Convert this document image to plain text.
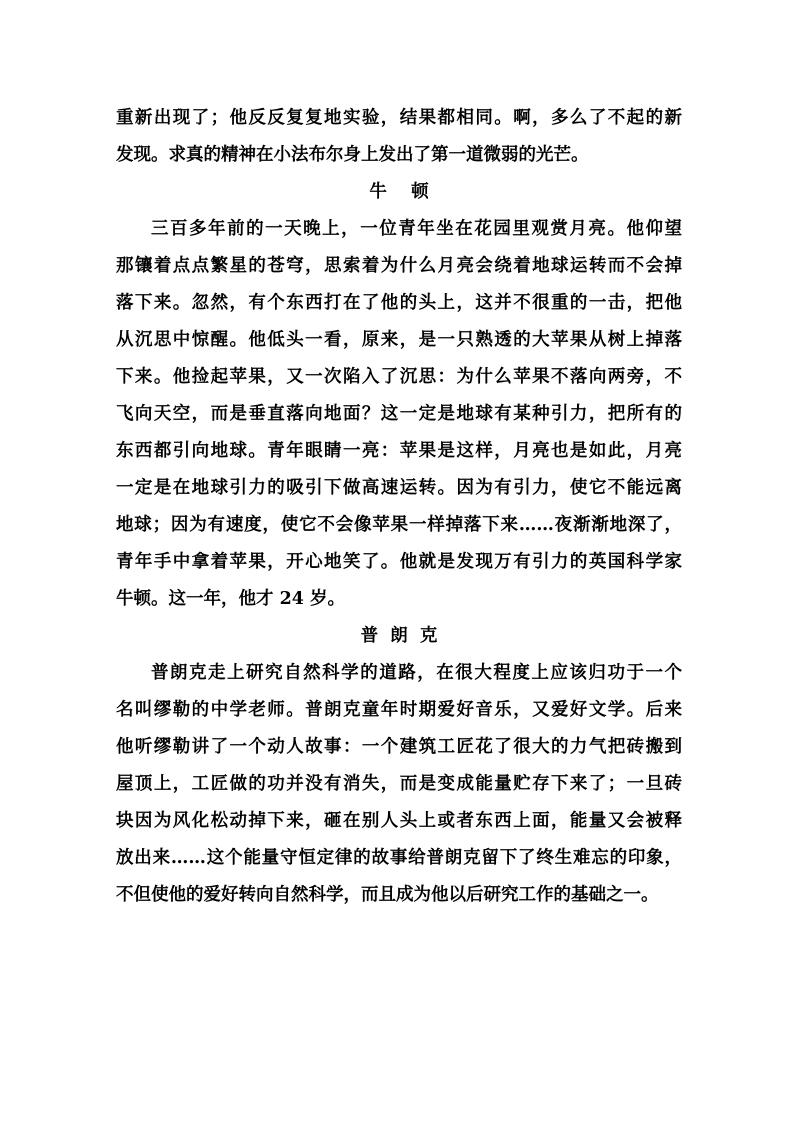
重新出现了；他反反复复地实验，结果都相同。啊，多么了不起的新
发现。求真的精神在小法布尔身上发出了第一道微弱的光芒。
牛    顿
三百多年前的一天晚上，一位青年坐在花园里观赏月亮。他仰望
那镶着点点繁星的苍穹，思索着为什么月亮会绕着地球运转而不会掉
落下来。忽然，有个东西打在了他的头上，这并不很重的一击，把他
从沉思中惊醒。他低头一看，原来，是一只熟透的大苹果从树上掉落
下来。他捡起苹果，又一次陷入了沉思：为什么苹果不落向两旁，不
飞向天空，而是垂直落向地面？这一定是地球有某种引力，把所有的
东西都引向地球。青年眼睛一亮：苹果是这样，月亮也是如此，月亮
一定是在地球引力的吸引下做高速运转。因为有引力，使它不能远离
地球；因为有速度，使它不会像苹果一样掉落下来……夜渐渐地深了，
青年手中拿着苹果，开心地笑了。他就是发现万有引力的英国科学家
牛顿。这一年，他才 24 岁。
普  朗  克
普朗克走上研究自然科学的道路，在很大程度上应该归功于一个
名叫缪勒的中学老师。普朗克童年时期爱好音乐，又爱好文学。后来
他听缪勒讲了一个动人故事：一个建筑工匠花了很大的力气把砖搬到
屋顶上，工匠做的功并没有消失，而是变成能量贮存下来了；一旦砖
块因为风化松动掉下来，砸在别人头上或者东西上面，能量又会被释
放出来……这个能量守恒定律的故事给普朗克留下了终生难忘的印象，
不但使他的爱好转向自然科学，而且成为他以后研究工作的基础之一。
